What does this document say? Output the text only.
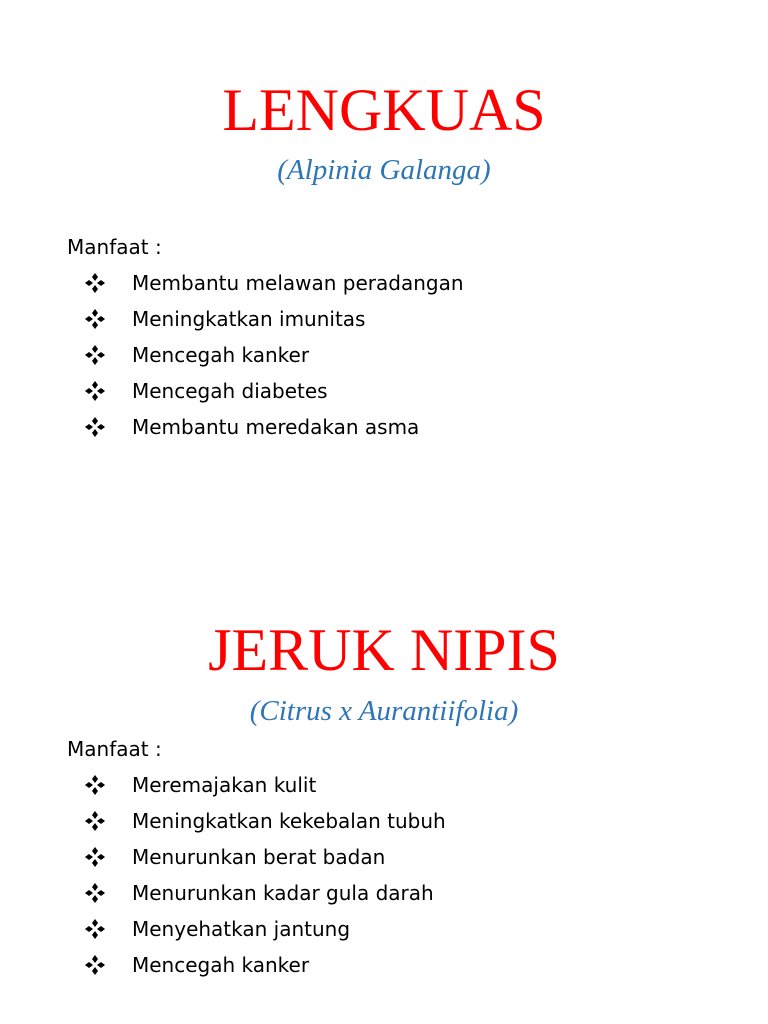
LENGKUAS
(Alpinia Galanga)
Manfaat :
Membantu melawan peradangan
Meningkatkan imunitas
Mencegah kanker
Mencegah diabetes
Membantu meredakan asma
JERUK NIPIS
(Citrus x Aurantiifolia)
Manfaat :
Meremajakan kulit
Meningkatkan kekebalan tubuh
Menurunkan berat badan
Menurunkan kadar gula darah
Menyehatkan jantung
Mencegah kanker
